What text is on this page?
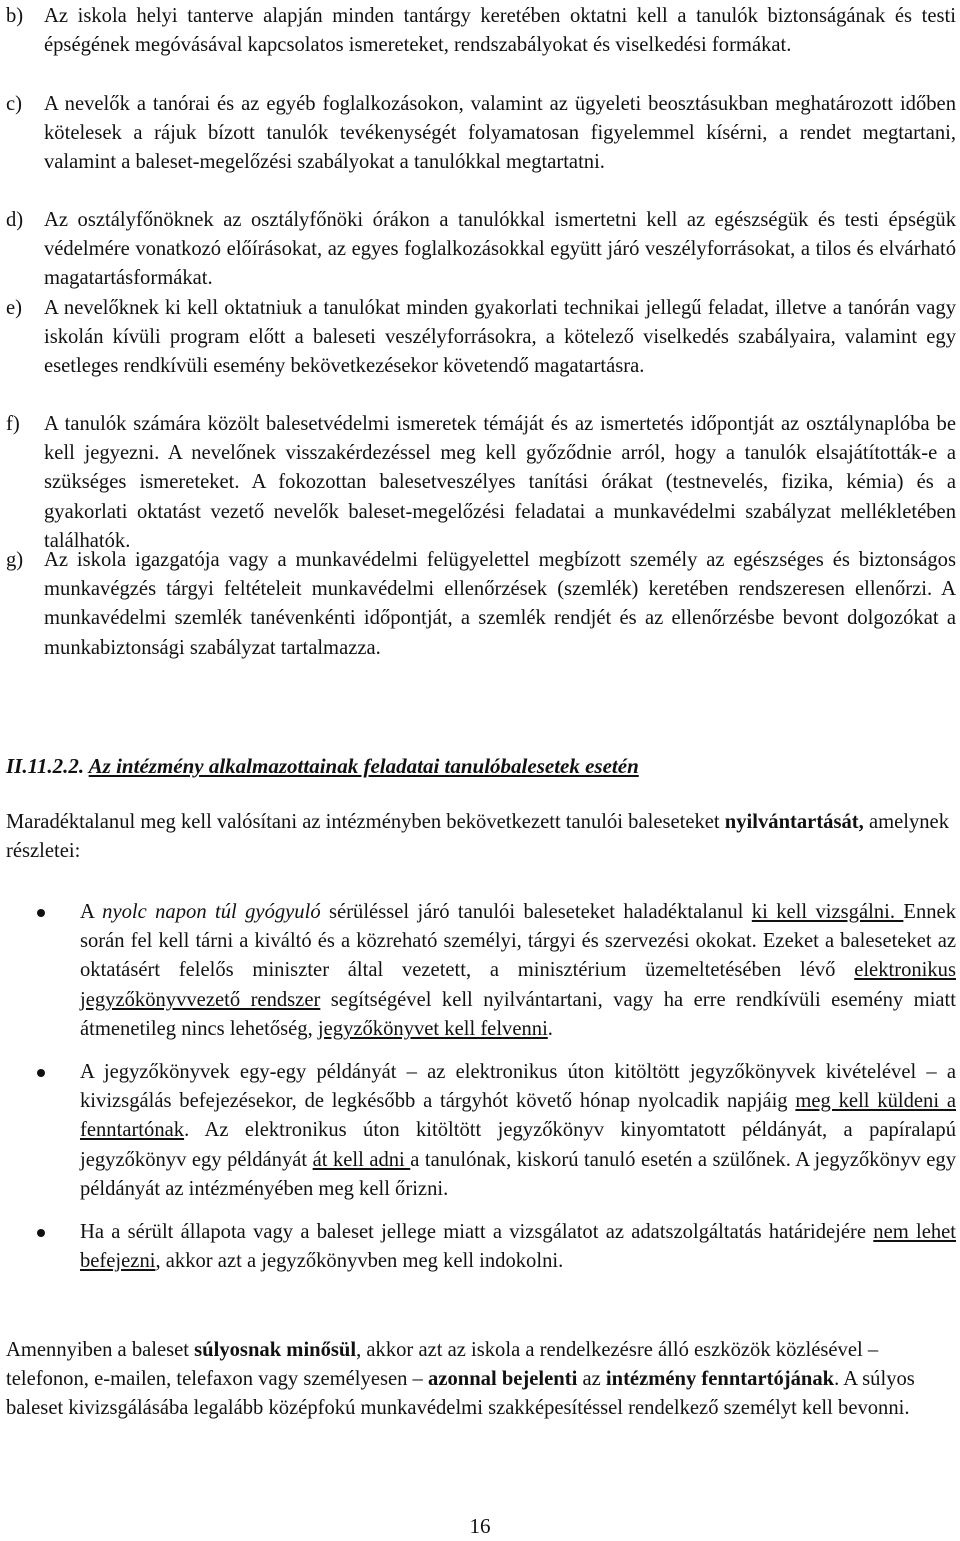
b)	Az iskola helyi tanterve alapján minden tantárgy keretében oktatni kell a tanulók biztonságának és testi épségének megóvásával kapcsolatos ismereteket, rendszabályokat és viselkedési formákat.
c)	A nevelők a tanórai és az egyéb foglalkozásokon, valamint az ügyeleti beosztásukban meghatározott időben kötelesek a rájuk bízott tanulók tevékenységét folyamatosan figyelemmel kísérni, a rendet megtartani, valamint a baleset-megelőzési szabályokat a tanulókkal megtartatni.
d)	Az osztályfőnöknek az osztályfőnöki órákon a tanulókkal ismertetni kell az egészségük és testi épségük védelmére vonatkozó előírásokat, az egyes foglalkozásokkal együtt járó veszélyforrásokat, a tilos és elvárható magatartásformákat.
e)	A nevelőknek ki kell oktatniuk a tanulókat minden gyakorlati technikai jellegű feladat, illetve a tanórán vagy iskolán kívüli program előtt a baleseti veszélyforrásokra, a kötelező viselkedés szabályaira, valamint egy esetleges rendkívüli esemény bekövetkezésekor követendő magatartásra.
f)	A tanulók számára közölt balesetvédelmi ismeretek témáját és az ismertetés időpontját az osztálynaplóba be kell jegyezni. A nevelőnek visszakérdezéssel meg kell győződnie arról, hogy a tanulók elsajátították-e a szükséges ismereteket. A fokozottan balesetveszélyes tanítási órákat (testnevelés, fizika, kémia) és a gyakorlati oktatást vezető nevelők baleset-megelőzési feladatai a munkavédelmi szabályzat mellékletében találhatók.
g)	Az iskola igazgatója vagy a munkavédelmi felügyelettel megbízott személy az egészséges és biztonságos munkavégzés tárgyi feltételeit munkavédelmi ellenőrzések (szemlék) keretében rendszeresen ellenőrzi. A munkavédelmi szemlék tanévenkénti időpontját, a szemlék rendjét és az ellenőrzésbe bevont dolgozókat a munkabiztonsági szabályzat tartalmazza.
II.11.2.2. Az intézmény alkalmazottainak feladatai tanulóbalesetek esetén
Maradéktalanul meg kell valósítani az intézményben bekövetkezett tanulói baleseteket nyilvántartását, amelynek részletei:
A nyolc napon túl gyógyuló sérüléssel járó tanulói baleseteket haladéktalanul ki kell vizsgálni. Ennek során fel kell tárni a kiváltó és a közreható személyi, tárgyi és szervezési okokat. Ezeket a baleseteket az oktatásért felelős miniszter által vezetett, a minisztérium üzemeltetésében lévő elektronikus jegyzőkönyvvezető rendszer segítségével kell nyilvántartani, vagy ha erre rendkívüli esemény miatt átmenetileg nincs lehetőség, jegyzőkönyvet kell felvenni.
A jegyzőkönyvek egy-egy példányát – az elektronikus úton kitöltött jegyzőkönyvek kivételével – a kivizsgálás befejezésekor, de legkésőbb a tárgyhót követő hónap nyolcadik napjáig meg kell küldeni a fenntartónak. Az elektronikus úton kitöltött jegyzőkönyv kinyomtatott példányát, a papíralapú jegyzőkönyv egy példányát át kell adni a tanulónak, kiskorú tanuló esetén a szülőnek. A jegyzőkönyv egy példányát az intézményében meg kell őrizni.
Ha a sérült állapota vagy a baleset jellege miatt a vizsgálatot az adatszolgáltatás határidejére nem lehet befejezni, akkor azt a jegyzőkönyvben meg kell indokolni.
Amennyiben a baleset súlyosnak minősül, akkor azt az iskola a rendelkezésre álló eszközök közlésével – telefonon, e-mailen, telefaxon vagy személyesen – azonnal bejelenti az intézmény fenntartójának. A súlyos baleset kivizsgálásába legalább középfokú munkavédelmi szakképesítéssel rendelkező személyt kell bevonni.
16
